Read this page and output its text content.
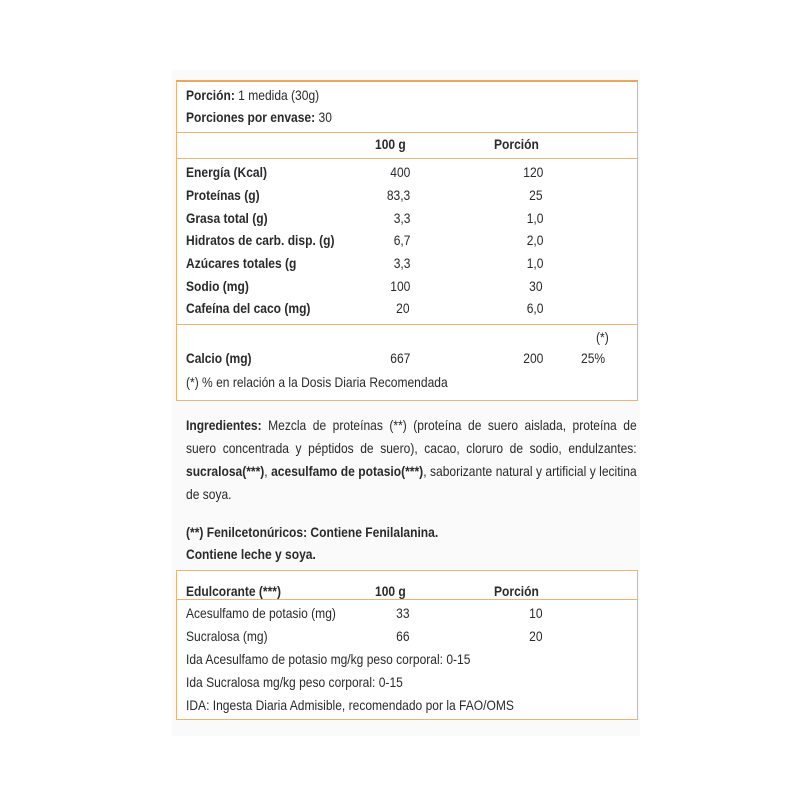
Porción: 1 medida (30g)
Porciones por envase: 30
100 g	Porción
Energía (Kcal)	400	120
Proteínas (g)	83,3	25
Grasa total (g)	3,3	1,0
Hidratos de carb. disp. (g)	6,7	2,0
Azúcares totales (g	3,3	1,0
Sodio (mg)	100	30
Cafeína del caco (mg)	20	6,0
(*)
Calcio (mg)	667	200	25%
(*) % en relación a la Dosis Diaria Recomendada

Ingredientes: Mezcla de proteínas (**) (proteína de suero aislada, proteína de suero concentrada y péptidos de suero), cacao, cloruro de sodio, endulzantes: sucralosa(***), acesulfamo de potasio(***), saborizante natural y artificial y lecitina de soya.

(**) Fenilcetonúricos: Contiene Fenilalanina.
Contiene leche y soya.
Edulcorante (***)	100 g	Porción
Acesulfamo de potasio (mg)	33	10
Sucralosa (mg)	66	20
Ida Acesulfamo de potasio mg/kg peso corporal: 0-15
Ida Sucralosa mg/kg peso corporal: 0-15
IDA: Ingesta Diaria Admisible, recomendado por la FAO/OMS
